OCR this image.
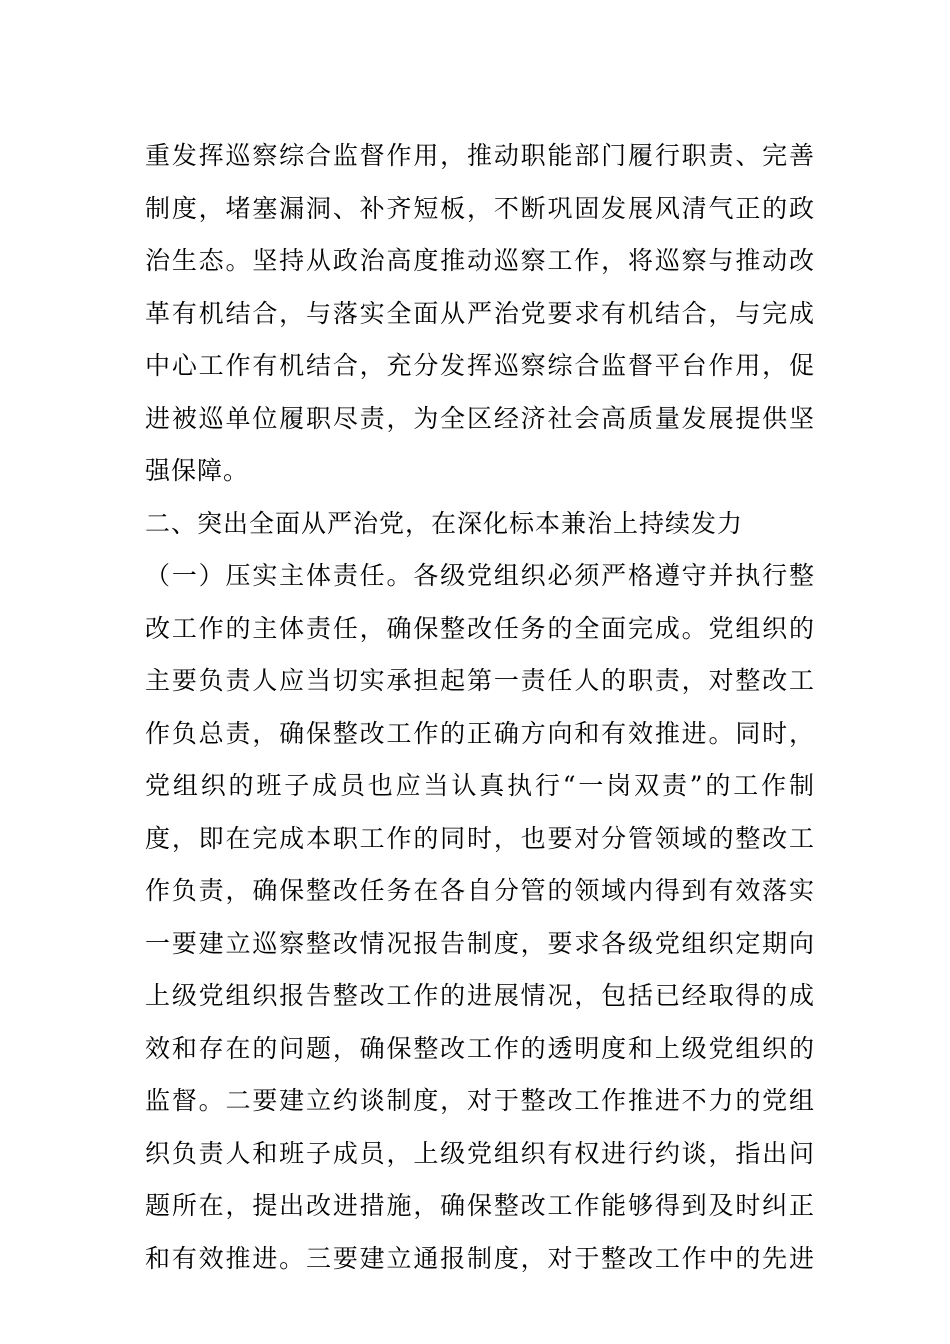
重发挥巡察综合监督作用，推动职能部门履行职责、完善
制度，堵塞漏洞、补齐短板，不断巩固发展风清气正的政
治生态。坚持从政治高度推动巡察工作，将巡察与推动改
革有机结合，与落实全面从严治党要求有机结合，与完成
中心工作有机结合，充分发挥巡察综合监督平台作用，促
进被巡单位履职尽责，为全区经济社会高质量发展提供坚
强保障。
二、突出全面从严治党，在深化标本兼治上持续发力
（一）压实主体责任。各级党组织必须严格遵守并执行整
改工作的主体责任，确保整改任务的全面完成。党组织的
主要负责人应当切实承担起第一责任人的职责，对整改工
作负总责，确保整改工作的正确方向和有效推进。同时，
党组织的班子成员也应当认真执行“一岗双责”的工作制
度，即在完成本职工作的同时，也要对分管领域的整改工
作负责，确保整改任务在各自分管的领域内得到有效落实
一要建立巡察整改情况报告制度，要求各级党组织定期向
上级党组织报告整改工作的进展情况，包括已经取得的成
效和存在的问题，确保整改工作的透明度和上级党组织的
监督。二要建立约谈制度，对于整改工作推进不力的党组
织负责人和班子成员，上级党组织有权进行约谈，指出问
题所在，提出改进措施，确保整改工作能够得到及时纠正
和有效推进。三要建立通报制度，对于整改工作中的先进
